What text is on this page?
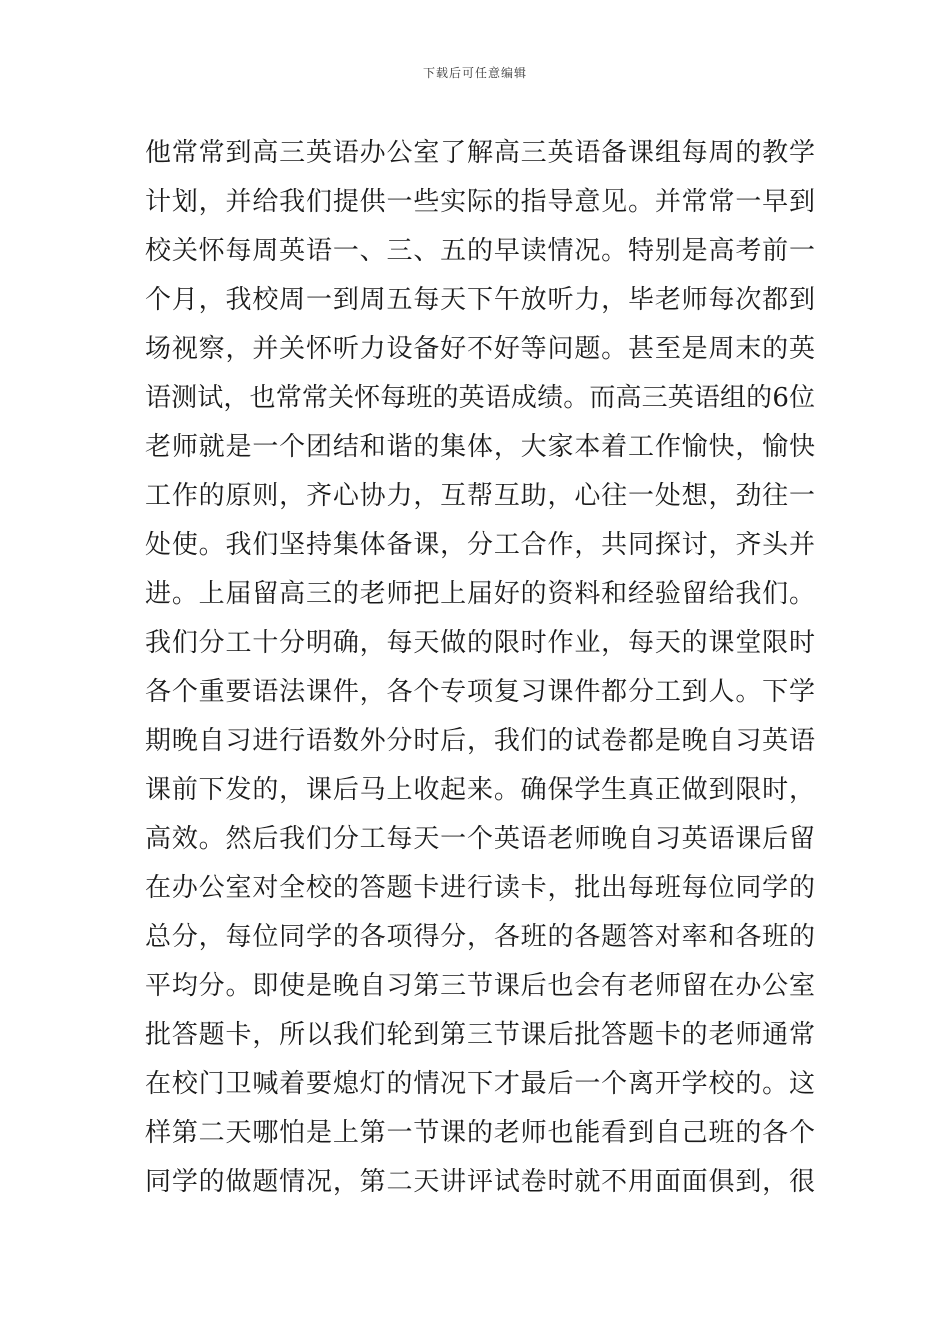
下载后可任意编辑
他常常到高三英语办公室了解高三英语备课组每周的教学
计划，并给我们提供一些实际的指导意见。并常常一早到
校关怀每周英语一、三、五的早读情况。特别是高考前一
个月，我校周一到周五每天下午放听力，毕老师每次都到
场视察，并关怀听力设备好不好等问题。甚至是周末的英
语测试，也常常关怀每班的英语成绩。而高三英语组的6位
老师就是一个团结和谐的集体，大家本着工作愉快，愉快
工作的原则，齐心协力，互帮互助，心往一处想，劲往一
处使。我们坚持集体备课，分工合作，共同探讨，齐头并
进。上届留高三的老师把上届好的资料和经验留给我们。
我们分工十分明确，每天做的限时作业，每天的课堂限时
各个重要语法课件，各个专项复习课件都分工到人。下学
期晚自习进行语数外分时后，我们的试卷都是晚自习英语
课前下发的，课后马上收起来。确保学生真正做到限时，
高效。然后我们分工每天一个英语老师晚自习英语课后留
在办公室对全校的答题卡进行读卡，批出每班每位同学的
总分，每位同学的各项得分，各班的各题答对率和各班的
平均分。即使是晚自习第三节课后也会有老师留在办公室
批答题卡，所以我们轮到第三节课后批答题卡的老师通常
在校门卫喊着要熄灯的情况下才最后一个离开学校的。这
样第二天哪怕是上第一节课的老师也能看到自己班的各个
同学的做题情况，第二天讲评试卷时就不用面面俱到，很
